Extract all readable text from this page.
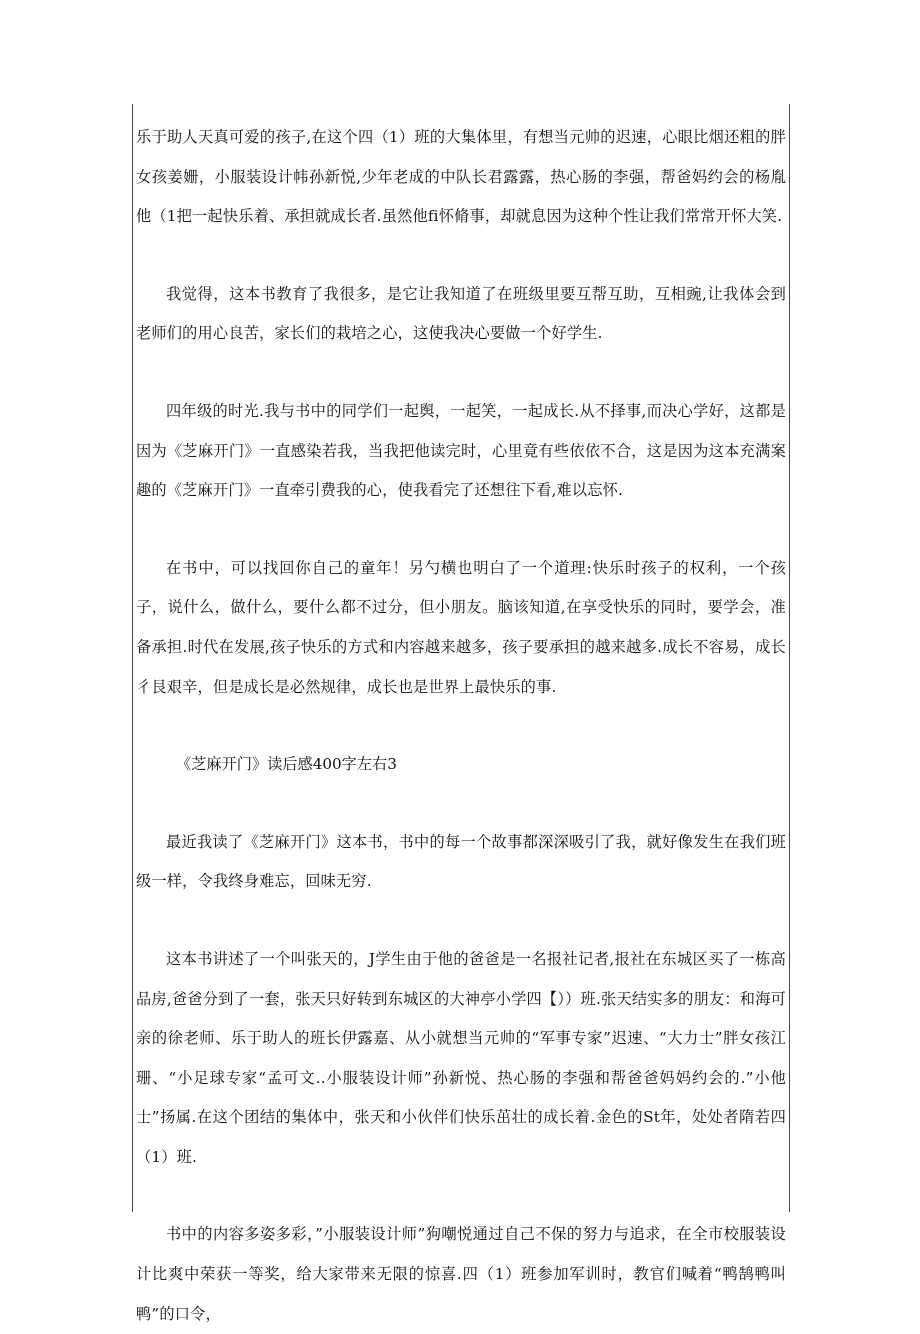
乐于助人天真可爱的孩子,在这个四（1）班的大集体里，有想当元帅的迟速，心眼比烟还粗的胖女孩姜姗，小服装设计帏孙新悦,少年老成的中队长君露露，热心肠的李强，帮爸妈约会的杨胤他（1把一起快乐着、承担就成长者.虽然他fi怀脩事，却就息因为这种个性让我们常常开怀大笑.

我觉得，这本书教育了我很多，是它让我知道了在班级里要互帮互助，互相豌,让我体会到老师们的用心良苦，家长们的栽培之心，这使我决心要做一个好学生.

四年级的时光.我与书中的同学们一起舆，一起笑，一起成长.从不择事,而决心学好，这都是因为《芝麻开门》一直感染若我，当我把他读完时，心里竟有些依依不合，这是因为这本充满案趣的《芝麻开门》一直牵引费我的心，使我看完了还想往下看,难以忘怀.

在书中，可以找回你自己的童年！另勺横也明白了一个道理:快乐时孩子的权利，一个孩子，说什么，做什么，要什么都不过分，但小朋友。脑该知道,在享受快乐的同时，要学会，准备承担.时代在发展,孩子快乐的方式和内容越来越多，孩子要承担的越来越多.成长不容易，成长彳艮艰辛，但是成长是必然规律，成长也是世界上最快乐的事.

《芝麻开门》读后感400字左右3

最近我读了《芝麻开门》这本书，书中的每一个故事都深深吸引了我，就好像发生在我们班级一样，令我终身难忘，回味无穷.

这本书讲述了一个叫张天的，J学生由于他的爸爸是一名报社记者,报社在东城区买了一栋高品房,爸爸分到了一套，张天只好转到东城区的大神亭小学四【））班.张天结实多的朋友：和海可亲的徐老师、乐于助人的班长伊露嘉、从小就想当元帅的“军事专家”迟速、“大力士”胖女孩江珊、“小足球专家“孟可文..小服装设计师”孙新悦、热心肠的李强和帮爸爸妈妈约会的.”小他士”扬属.在这个团结的集体中，张天和小伙伴们快乐茁壮的成长着.金色的St年，处处者隋若四（1）班.

书中的内容多姿多彩，”小服装设计师”狗嘲悦通过自己不保的努力与追求，在全市校服装设计比爽中荣获一等奖，给大家带来无限的惊喜.四（1）班参加军训时，教官们喊着“鸭鹄鸭叫鸭”的口令，
